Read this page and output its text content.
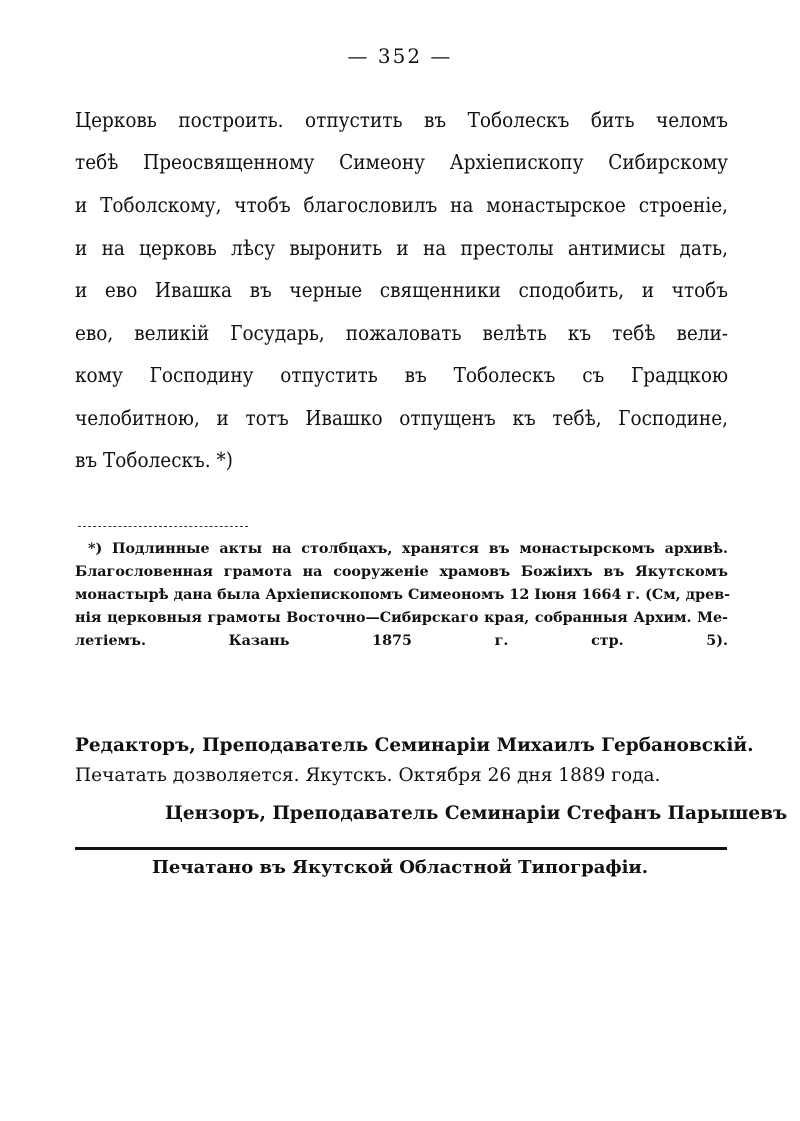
— 352 —
Церковь построить. отпустить въ Тоболескъ бить челомъ
тебѣ Преосвященному Симеону Архіепископу Сибирскому
и Тоболскому, чтобъ благословилъ на монастырское строеніе,
и на церковь лѣсу выронить и на престолы антимисы дать,
и ево Ивашка въ черные священники сподобить, и чтобъ
ево, великій Государь, пожаловать велѣть къ тебѣ вели-
кому Господину отпустить въ Тоболескъ съ Градцкою
челобитною, и тотъ Ивашко отпущенъ къ тебѣ, Господине,
въ Тоболескъ. *)
*) Подлинные акты на столбцахъ, хранятся въ монастырскомъ архивѣ.
Благословенная грамота на сооруженіе храмовъ Божіихъ въ Якутскомъ
монастырѣ дана была Архіепископомъ Симеономъ 12 Іюня 1664 г. (См, древ-
нія церковныя грамоты Восточно—Сибирскаго края, собранныя Архим. Ме-
летіемъ. Казань 1875 г. стр. 5).
Редакторъ, Преподаватель Семинаріи Михаилъ Гербановскій.
Печатать дозволяется. Якутскъ. Октября 26 дня 1889 года.
Цензоръ, Преподаватель Семинаріи Стефанъ Парышевъ
Печатано въ Якутской Областной Типографіи.
